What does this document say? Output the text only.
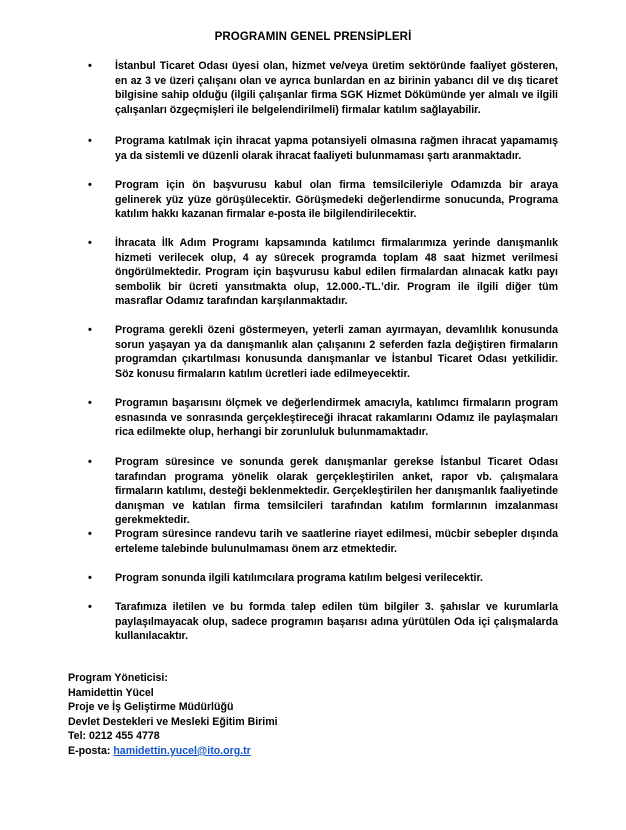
PROGRAMIN GENEL PRENSİPLERİ
•	İstanbul Ticaret Odası üyesi olan, hizmet ve/veya üretim sektöründe faaliyet gösteren, en az 3 ve üzeri çalışanı olan ve ayrıca bunlardan en az birinin yabancı dil ve dış ticaret bilgisine sahip olduğu (ilgili çalışanlar firma SGK Hizmet Dökümünde yer almalı ve ilgili çalışanları özgeçmişleri ile belgelendirilmeli) firmalar katılım sağlayabilir.
•	Programa katılmak için ihracat yapma potansiyeli olmasına rağmen ihracat yapamamış ya da sistemli ve düzenli olarak ihracat faaliyeti bulunmaması şartı aranmaktadır.
•	Program için ön başvurusu kabul olan firma temsilcileriyle Odamızda bir araya gelinerek yüz yüze görüşülecektir. Görüşmedeki değerlendirme sonucunda, Programa katılım hakkı kazanan firmalar e-posta ile bilgilendirilecektir.
•	İhracata İlk Adım Programı kapsamında katılımcı firmalarımıza yerinde danışmanlık hizmeti verilecek olup, 4 ay sürecek programda toplam 48 saat hizmet verilmesi öngörülmektedir. Program için başvurusu kabul edilen firmalardan alınacak katkı payı sembolik bir ücreti yansıtmakta olup, 12.000.-TL.’dir. Program ile ilgili diğer tüm masraflar Odamız tarafından karşılanmaktadır.
•	Programa gerekli özeni göstermeyen, yeterli zaman ayırmayan, devamlılık konusunda sorun yaşayan ya da danışmanlık alan çalışanını 2 seferden fazla değiştiren firmaların programdan çıkartılması konusunda danışmanlar ve İstanbul Ticaret Odası yetkilidir. Söz konusu firmaların katılım ücretleri iade edilmeyecektir.
•	Programın başarısını ölçmek ve değerlendirmek amacıyla, katılımcı firmaların program esnasında ve sonrasında gerçekleştireceği ihracat rakamlarını Odamız ile paylaşmaları rica edilmekte olup, herhangi bir zorunluluk bulunmamaktadır.
•	Program süresince ve sonunda gerek danışmanlar gerekse İstanbul Ticaret Odası tarafından programa yönelik olarak gerçekleştirilen anket, rapor vb. çalışmalara firmaların katılımı, desteği beklenmektedir. Gerçekleştirilen her danışmanlık faaliyetinde danışman ve katılan firma temsilcileri tarafından katılım formlarının imzalanması gerekmektedir.
•	Program süresince randevu tarih ve saatlerine riayet edilmesi, mücbir sebepler dışında erteleme talebinde bulunulmaması önem arz etmektedir.
•	Program sonunda ilgili katılımcılara programa katılım belgesi verilecektir.
•	Tarafımıza iletilen ve bu formda talep edilen tüm bilgiler 3. şahıslar ve kurumlarla paylaşılmayacak olup, sadece programın başarısı adına yürütülen Oda içi çalışmalarda kullanılacaktır.
Program Yöneticisi:
Hamidettin Yücel
Proje ve İş Geliştirme Müdürlüğü
Devlet Destekleri ve Mesleki Eğitim Birimi
Tel: 0212 455 4778
E-posta: hamidettin.yucel@ito.org.tr
